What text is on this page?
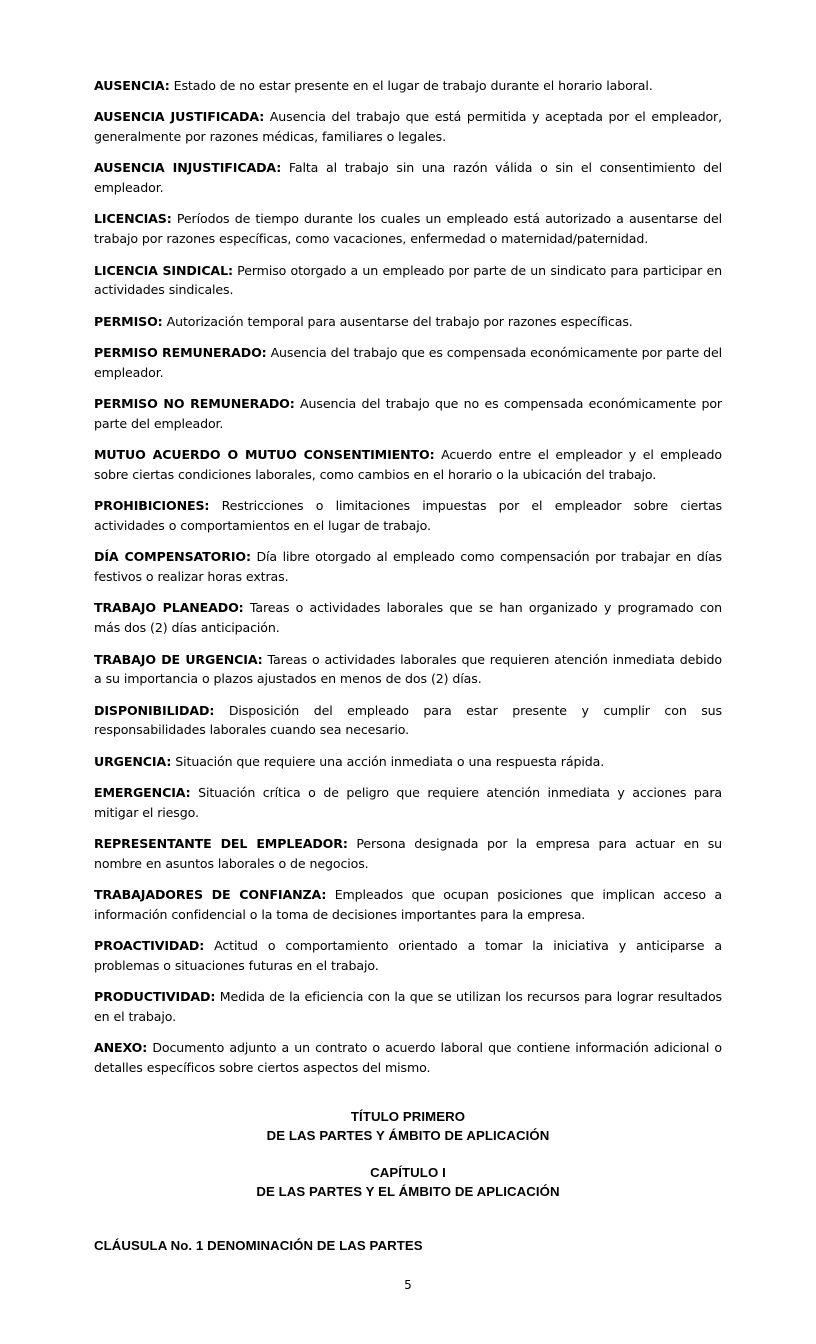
AUSENCIA: Estado de no estar presente en el lugar de trabajo durante el horario laboral.

AUSENCIA JUSTIFICADA: Ausencia del trabajo que está permitida y aceptada por el empleador, generalmente por razones médicas, familiares o legales.

AUSENCIA INJUSTIFICADA: Falta al trabajo sin una razón válida o sin el consentimiento del empleador.

LICENCIAS: Períodos de tiempo durante los cuales un empleado está autorizado a ausentarse del trabajo por razones específicas, como vacaciones, enfermedad o maternidad/paternidad.

LICENCIA SINDICAL: Permiso otorgado a un empleado por parte de un sindicato para participar en actividades sindicales.

PERMISO: Autorización temporal para ausentarse del trabajo por razones específicas.

PERMISO REMUNERADO: Ausencia del trabajo que es compensada económicamente por parte del empleador.

PERMISO NO REMUNERADO: Ausencia del trabajo que no es compensada económicamente por parte del empleador.

MUTUO ACUERDO O MUTUO CONSENTIMIENTO: Acuerdo entre el empleador y el empleado sobre ciertas condiciones laborales, como cambios en el horario o la ubicación del trabajo.

PROHIBICIONES: Restricciones o limitaciones impuestas por el empleador sobre ciertas actividades o comportamientos en el lugar de trabajo.

DÍA COMPENSATORIO: Día libre otorgado al empleado como compensación por trabajar en días festivos o realizar horas extras.

TRABAJO PLANEADO: Tareas o actividades laborales que se han organizado y programado con más dos (2) días anticipación.

TRABAJO DE URGENCIA: Tareas o actividades laborales que requieren atención inmediata debido a su importancia o plazos ajustados en menos de dos (2) días.

DISPONIBILIDAD: Disposición del empleado para estar presente y cumplir con sus responsabilidades laborales cuando sea necesario.

URGENCIA: Situación que requiere una acción inmediata o una respuesta rápida.

EMERGENCIA: Situación crítica o de peligro que requiere atención inmediata y acciones para mitigar el riesgo.

REPRESENTANTE DEL EMPLEADOR: Persona designada por la empresa para actuar en su nombre en asuntos laborales o de negocios.

TRABAJADORES DE CONFIANZA: Empleados que ocupan posiciones que implican acceso a información confidencial o la toma de decisiones importantes para la empresa.

PROACTIVIDAD: Actitud o comportamiento orientado a tomar la iniciativa y anticiparse a problemas o situaciones futuras en el trabajo.

PRODUCTIVIDAD: Medida de la eficiencia con la que se utilizan los recursos para lograr resultados en el trabajo.

ANEXO: Documento adjunto a un contrato o acuerdo laboral que contiene información adicional o detalles específicos sobre ciertos aspectos del mismo.

TÍTULO PRIMERO
DE LAS PARTES Y ÁMBITO DE APLICACIÓN
CAPÍTULO I
DE LAS PARTES Y EL ÁMBITO DE APLICACIÓN
CLÁUSULA No. 1 DENOMINACIÓN DE LAS PARTES
5
